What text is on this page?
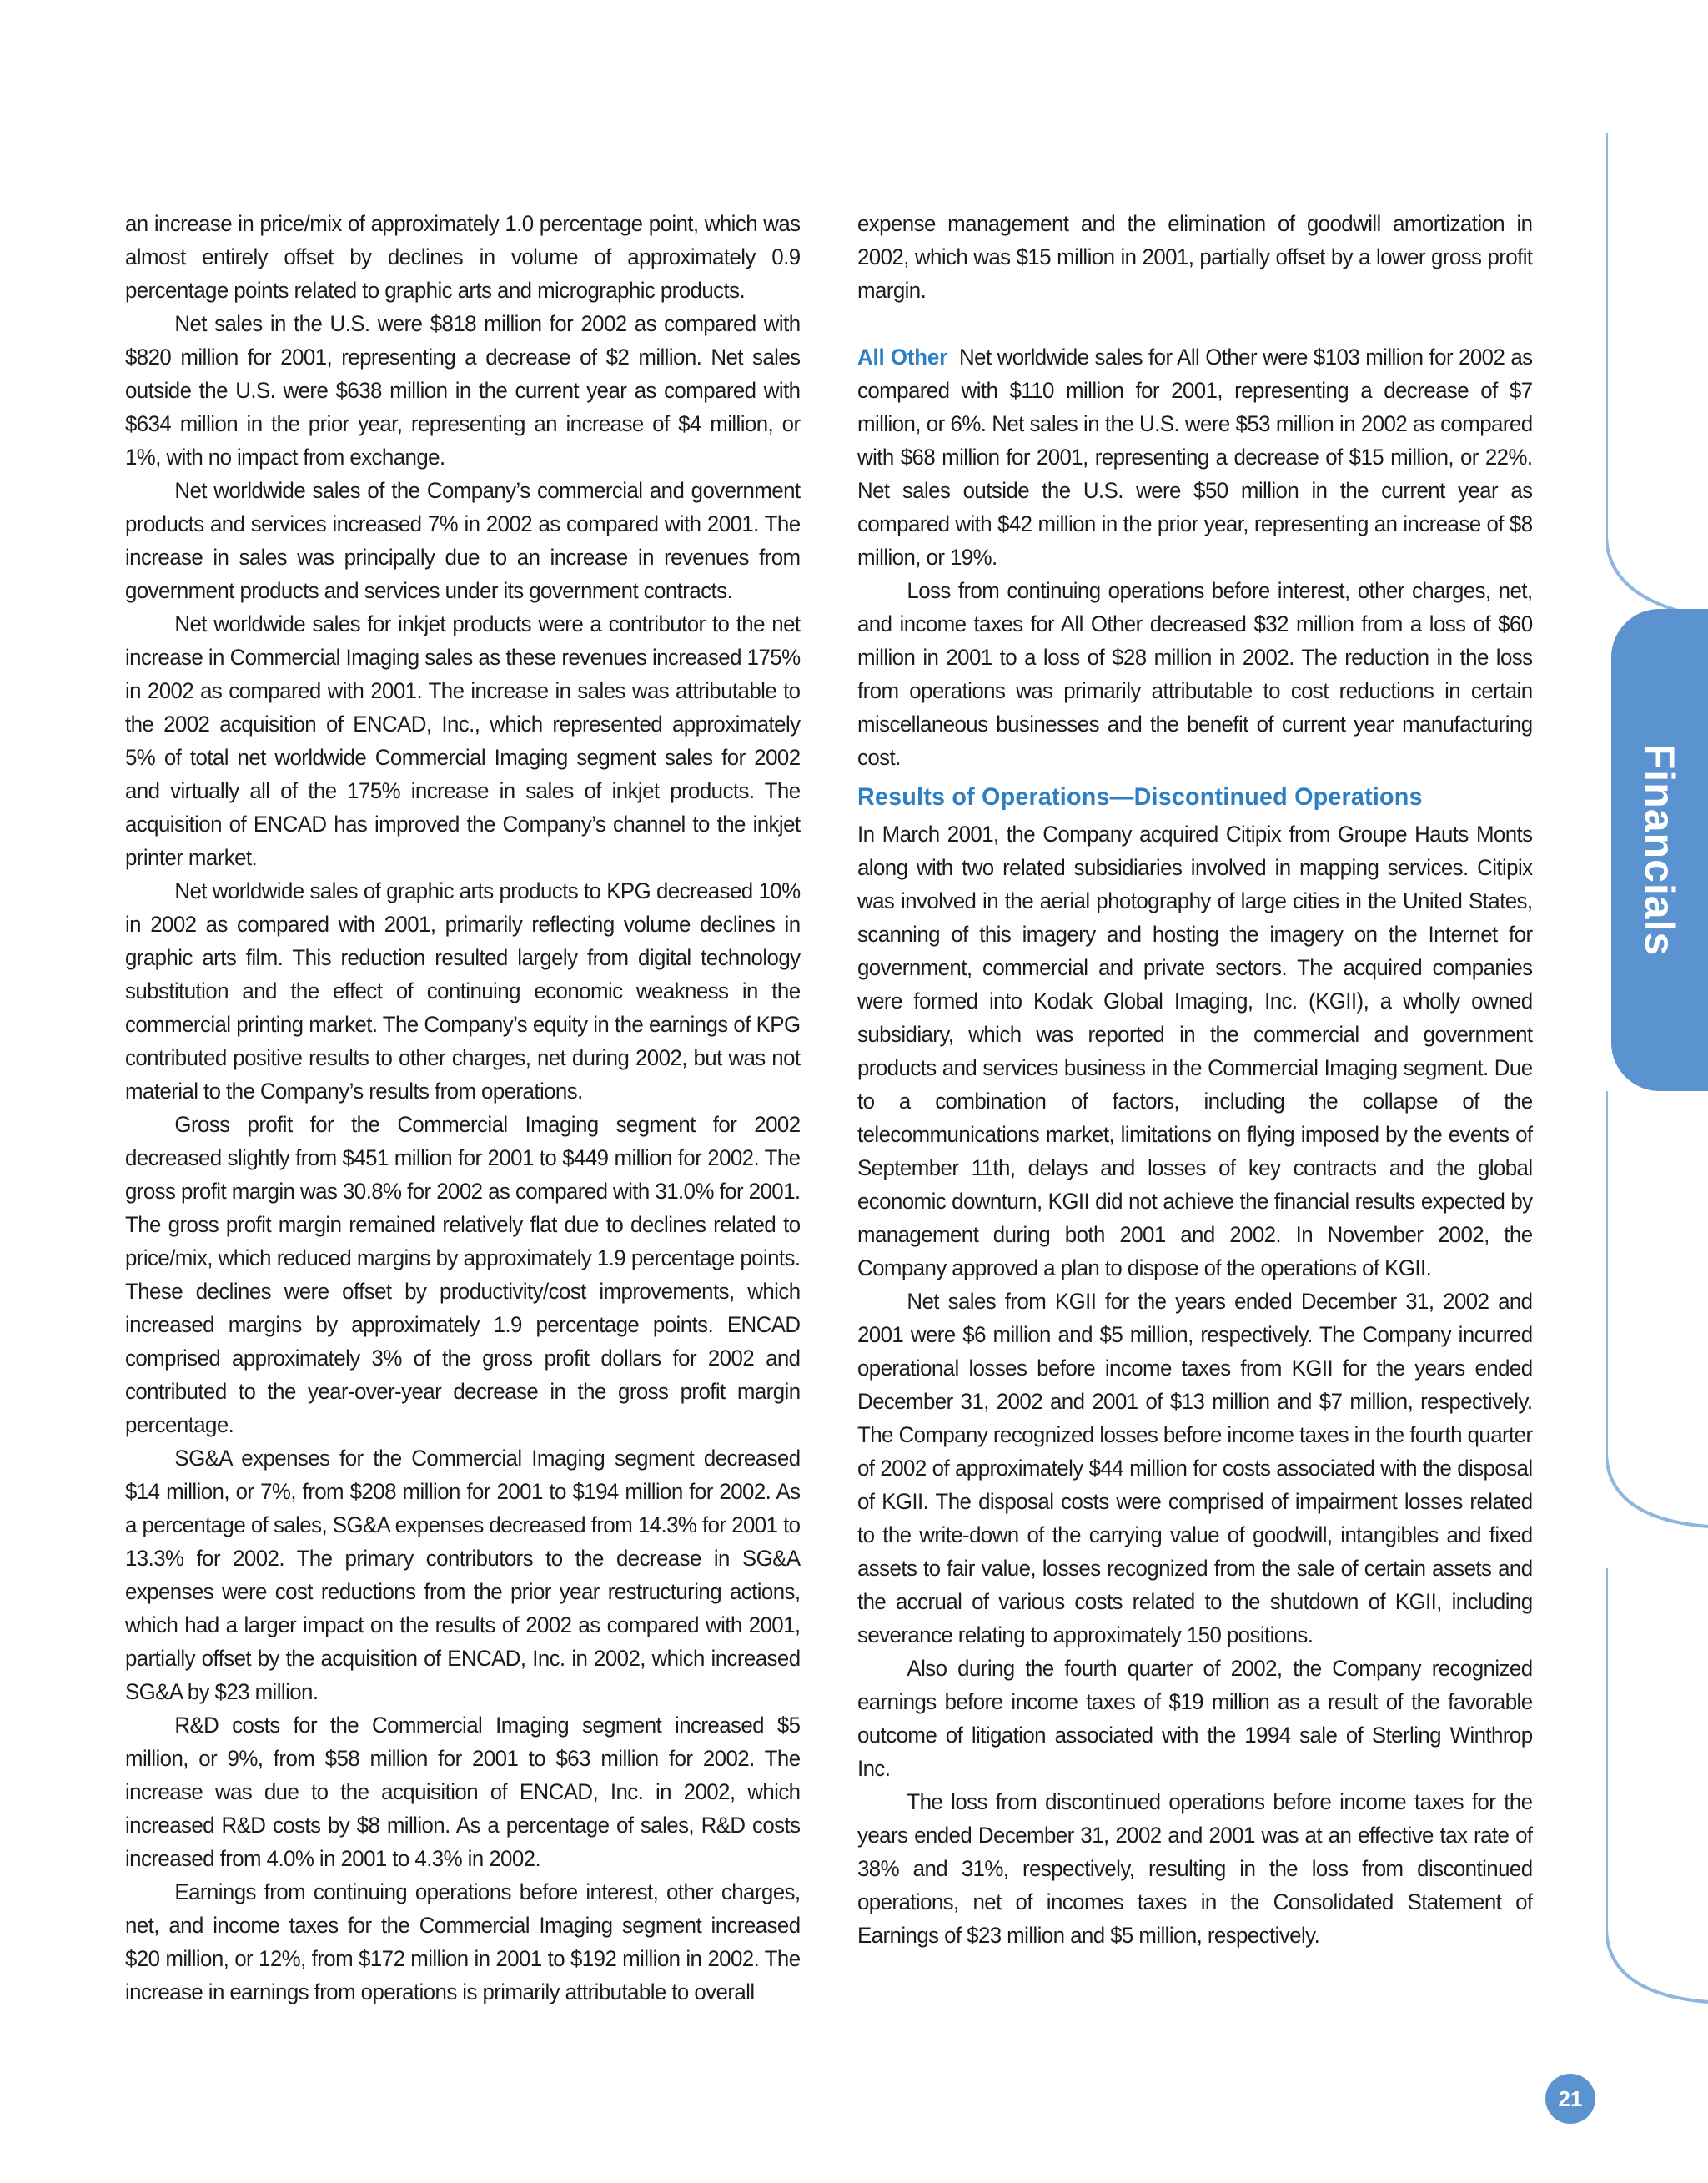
an increase in price/mix of approximately 1.0 percentage point, which was almost entirely offset by declines in volume of approximately 0.9 percentage points related to graphic arts and micrographic products.

Net sales in the U.S. were $818 million for 2002 as compared with $820 million for 2001, representing a decrease of $2 million. Net sales outside the U.S. were $638 million in the current year as compared with $634 million in the prior year, representing an increase of $4 million, or 1%, with no impact from exchange.

Net worldwide sales of the Company’s commercial and government products and services increased 7% in 2002 as compared with 2001. The increase in sales was principally due to an increase in revenues from government products and services under its government contracts.

Net worldwide sales for inkjet products were a contributor to the net increase in Commercial Imaging sales as these revenues increased 175% in 2002 as compared with 2001. The increase in sales was attributable to the 2002 acquisition of ENCAD, Inc., which represented approximately 5% of total net worldwide Commercial Imaging segment sales for 2002 and virtually all of the 175% increase in sales of inkjet products. The acquisition of ENCAD has improved the Company’s channel to the inkjet printer market.

Net worldwide sales of graphic arts products to KPG decreased 10% in 2002 as compared with 2001, primarily reflecting volume declines in graphic arts film. This reduction resulted largely from digital technology substitution and the effect of continuing economic weakness in the commercial printing market. The Company’s equity in the earnings of KPG contributed positive results to other charges, net during 2002, but was not material to the Company’s results from operations.

Gross profit for the Commercial Imaging segment for 2002 decreased slightly from $451 million for 2001 to $449 million for 2002. The gross profit margin was 30.8% for 2002 as compared with 31.0% for 2001. The gross profit margin remained relatively flat due to declines related to price/mix, which reduced margins by approximately 1.9 percentage points. These declines were offset by productivity/cost improvements, which increased margins by approximately 1.9 percentage points. ENCAD comprised approximately 3% of the gross profit dollars for 2002 and contributed to the year-over-year decrease in the gross profit margin percentage.

SG&A expenses for the Commercial Imaging segment decreased $14 million, or 7%, from $208 million for 2001 to $194 million for 2002. As a percentage of sales, SG&A expenses decreased from 14.3% for 2001 to 13.3% for 2002. The primary contributors to the decrease in SG&A expenses were cost reductions from the prior year restructuring actions, which had a larger impact on the results of 2002 as compared with 2001, partially offset by the acquisition of ENCAD, Inc. in 2002, which increased SG&A by $23 million.

R&D costs for the Commercial Imaging segment increased $5 million, or 9%, from $58 million for 2001 to $63 million for 2002. The increase was due to the acquisition of ENCAD, Inc. in 2002, which increased R&D costs by $8 million. As a percentage of sales, R&D costs increased from 4.0% in 2001 to 4.3% in 2002.

Earnings from continuing operations before interest, other charges, net, and income taxes for the Commercial Imaging segment increased $20 million, or 12%, from $172 million in 2001 to $192 million in 2002. The increase in earnings from operations is primarily attributable to overall

expense management and the elimination of goodwill amortization in 2002, which was $15 million in 2001, partially offset by a lower gross profit margin.

All Other Net worldwide sales for All Other were $103 million for 2002 as compared with $110 million for 2001, representing a decrease of $7 million, or 6%. Net sales in the U.S. were $53 million in 2002 as compared with $68 million for 2001, representing a decrease of $15 million, or 22%. Net sales outside the U.S. were $50 million in the current year as compared with $42 million in the prior year, representing an increase of $8 million, or 19%.

Loss from continuing operations before interest, other charges, net, and income taxes for All Other decreased $32 million from a loss of $60 million in 2001 to a loss of $28 million in 2002. The reduction in the loss from operations was primarily attributable to cost reductions in certain miscellaneous businesses and the benefit of current year manufacturing cost.

Results of Operations—Discontinued Operations

In March 2001, the Company acquired Citipix from Groupe Hauts Monts along with two related subsidiaries involved in mapping services. Citipix was involved in the aerial photography of large cities in the United States, scanning of this imagery and hosting the imagery on the Internet for government, commercial and private sectors. The acquired companies were formed into Kodak Global Imaging, Inc. (KGII), a wholly owned subsidiary, which was reported in the commercial and government products and services business in the Commercial Imaging segment. Due to a combination of factors, including the collapse of the telecommunications market, limitations on flying imposed by the events of September 11th, delays and losses of key contracts and the global economic downturn, KGII did not achieve the financial results expected by management during both 2001 and 2002. In November 2002, the Company approved a plan to dispose of the operations of KGII.

Net sales from KGII for the years ended December 31, 2002 and 2001 were $6 million and $5 million, respectively. The Company incurred operational losses before income taxes from KGII for the years ended December 31, 2002 and 2001 of $13 million and $7 million, respectively. The Company recognized losses before income taxes in the fourth quarter of 2002 of approximately $44 million for costs associated with the disposal of KGII. The disposal costs were comprised of impairment losses related to the write-down of the carrying value of goodwill, intangibles and fixed assets to fair value, losses recognized from the sale of certain assets and the accrual of various costs related to the shutdown of KGII, including severance relating to approximately 150 positions.

Also during the fourth quarter of 2002, the Company recognized earnings before income taxes of $19 million as a result of the favorable outcome of litigation associated with the 1994 sale of Sterling Winthrop Inc.

The loss from discontinued operations before income taxes for the years ended December 31, 2002 and 2001 was at an effective tax rate of 38% and 31%, respectively, resulting in the loss from discontinued operations, net of incomes taxes in the Consolidated Statement of Earnings of $23 million and $5 million, respectively.

Financials
21
